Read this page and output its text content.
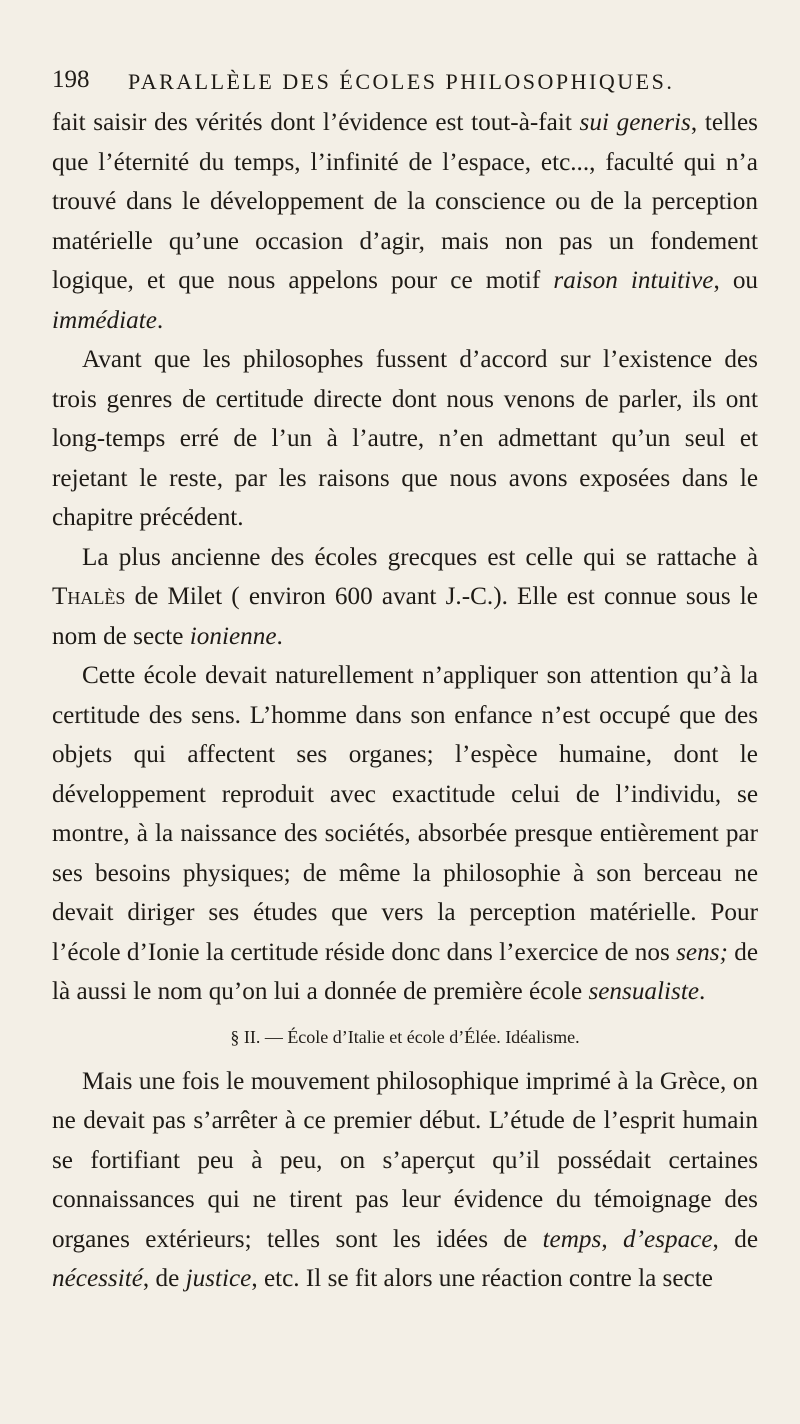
198 PARALLÈLE DES ÉCOLES PHILOSOPHIQUES.

fait saisir des vérités dont l’évidence est tout-à-fait sui generis, telles que l’éternité du temps, l’infinité de l’espace, etc..., faculté qui n’a trouvé dans le développement de la conscience ou de la perception matérielle qu’une occasion d’agir, mais non pas un fondement logique, et que nous appelons pour ce motif raison intuitive, ou immédiate.

Avant que les philosophes fussent d’accord sur l’existence des trois genres de certitude directe dont nous venons de parler, ils ont long-temps erré de l’un à l’autre, n’en admettant qu’un seul et rejetant le reste, par les raisons que nous avons exposées dans le chapitre précédent.

La plus ancienne des écoles grecques est celle qui se rattache à Thalès de Milet ( environ 600 avant J.-C.). Elle est connue sous le nom de secte ionienne.

Cette école devait naturellement n’appliquer son attention qu’à la certitude des sens. L’homme dans son enfance n’est occupé que des objets qui affectent ses organes; l’espèce humaine, dont le développement reproduit avec exactitude celui de l’individu, se montre, à la naissance des sociétés, absorbée presque entièrement par ses besoins physiques; de même la philosophie à son berceau ne devait diriger ses études que vers la perception matérielle. Pour l’école d’Ionie la certitude réside donc dans l’exercice de nos sens; de là aussi le nom qu’on lui a donnée de première école sensualiste.

§ II. — École d’Italie et école d’Élée. Idéalisme.

Mais une fois le mouvement philosophique imprimé à la Grèce, on ne devait pas s’arrêter à ce premier début. L’étude de l’esprit humain se fortifiant peu à peu, on s’aperçut qu’il possédait certaines connaissances qui ne tirent pas leur évidence du témoignage des organes extérieurs; telles sont les idées de temps, d’espace, de nécessité, de justice, etc. Il se fit alors une réaction contre la secte
